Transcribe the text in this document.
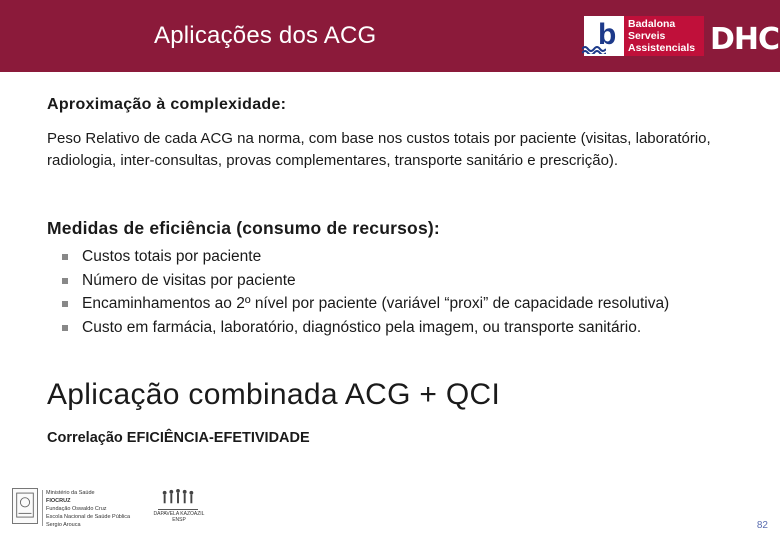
Aplicações dos ACG	b Badalona
Serveis
Assistencials DHC
Aproximação à complexidade:
Peso Relativo de cada ACG na norma, com base nos custos totais por paciente (visitas, laboratório, radiologia, inter-consultas, provas complementares, transporte sanitário e prescrição).
Medidas de eficiência (consumo de recursos):
Custos totais por paciente
Número de visitas por paciente
Encaminhamentos ao 2º nível por paciente (variável “proxi” de capacidade resolutiva)
Custo em farmácia, laboratório, diagnóstico pela imagem, ou transporte sanitário.
Aplicação combinada ACG + QCI
Correlação EFICIÊNCIA-EFETIVIDADE
Ministério da Saúde
FIOCRUZ
Fundação Oswaldo Cruz
Escola Nacional de Saúde Pública Sergio Arouca
DAPAVELA KAZOAZIL
ENSP	82
